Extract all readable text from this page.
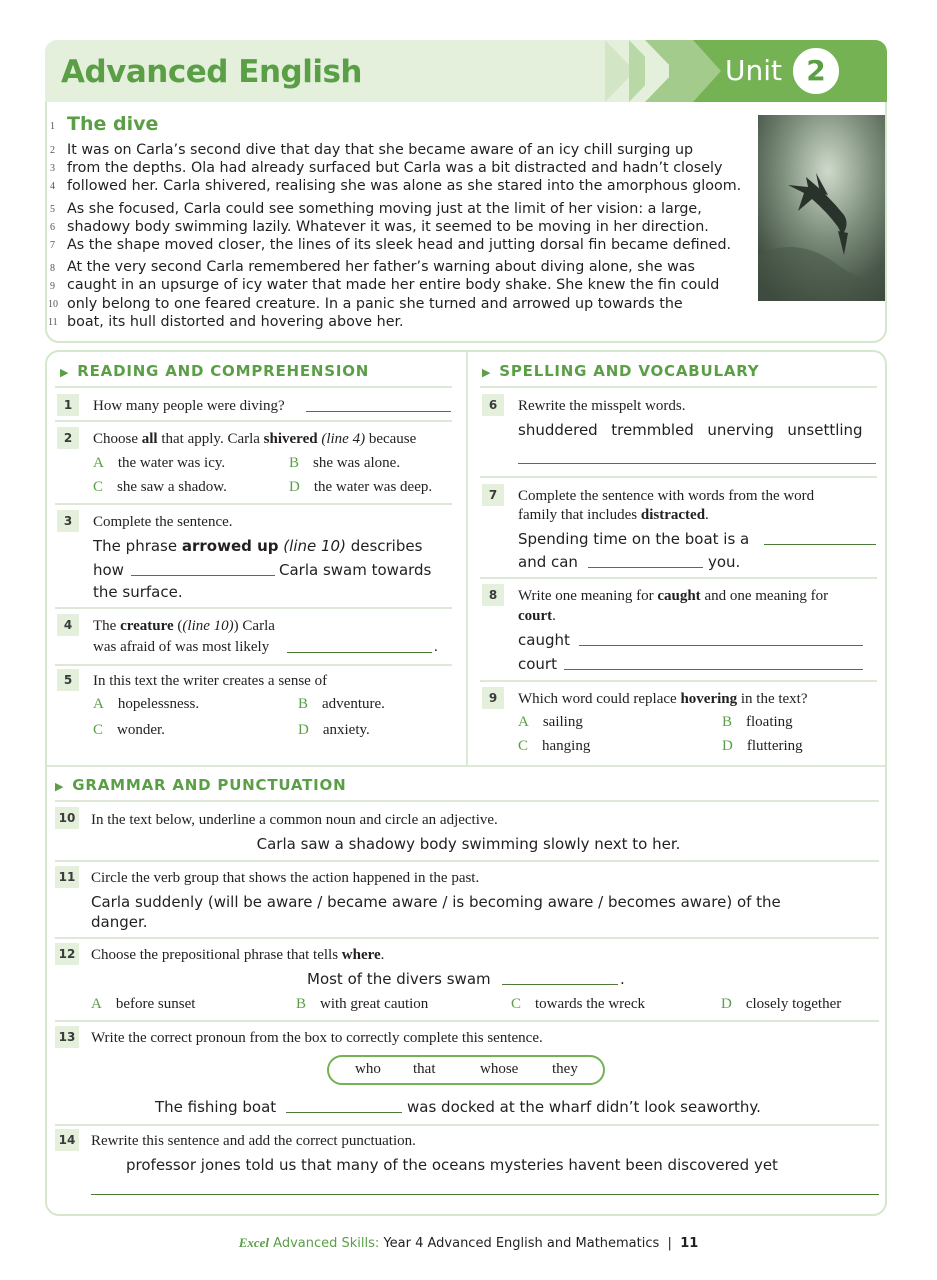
Advanced English	Unit 2
The dive
1
2
3
4
5
6
7
8
9
10
11

It was on Carla’s second dive that day that she became aware of an icy chill surging up
from the depths. Ola had already surfaced but Carla was a bit distracted and hadn’t closely
followed her. Carla shivered, realising she was alone as she stared into the amorphous gloom.

As she focused, Carla could see something moving just at the limit of her vision: a large,
shadowy body swimming lazily. Whatever it was, it seemed to be moving in her direction.
As the shape moved closer, the lines of its sleek head and jutting dorsal fin became defined.

At the very second Carla remembered her father’s warning about diving alone, she was
caught in an upsurge of icy water that made her entire body shake. She knew the fin could
only belong to one feared creature. In a panic she turned and arrowed up towards the
boat, its hull distorted and hovering above her.

▶ READING AND COMPREHENSION
1	How many people were diving?
2	Choose all that apply. Carla shivered (line 4) because
A the water was icy.	B she was alone.
C she saw a shadow.	D the water was deep.
3	Complete the sentence.
The phrase arrowed up (line 10) describes
how	Carla swam towards
the surface.
4	The creature ((line 10)) Carla
was afraid of was most likely	.
5	In this text the writer creates a sense of
A hopelessness.	B adventure.
C wonder.	D anxiety.
▶ SPELLING AND VOCABULARY
6	Rewrite the misspelt words.
shuddered  tremmbled  unerving  unsettling
7	Complete the sentence with words from the word
family that includes distracted.
Spending time on the boat is a
and can	you.
8	Write one meaning for caught and one meaning for
court.
caught
court
9	Which word could replace hovering in the text?
A sailing	B floating
C hanging	D fluttering
▶ GRAMMAR AND PUNCTUATION
10 In the text below, underline a common noun and circle an adjective.
Carla saw a shadowy body swimming slowly next to her.
11 Circle the verb group that shows the action happened in the past.
Carla suddenly (will be aware / became aware / is becoming aware / becomes aware) of the
danger.
12 Choose the prepositional phrase that tells where.
Most of the divers swam	.
A before sunset	B with great caution	C towards the wreck	D closely together
13 Write the correct pronoun from the box to correctly complete this sentence.
who that	whose they
The fishing boat	was docked at the wharf didn’t look seaworthy.
14 Rewrite this sentence and add the correct punctuation.
professor jones told us that many of the oceans mysteries havent been discovered yet
Excel Advanced Skills: Year 4 Advanced English and Mathematics | 11
